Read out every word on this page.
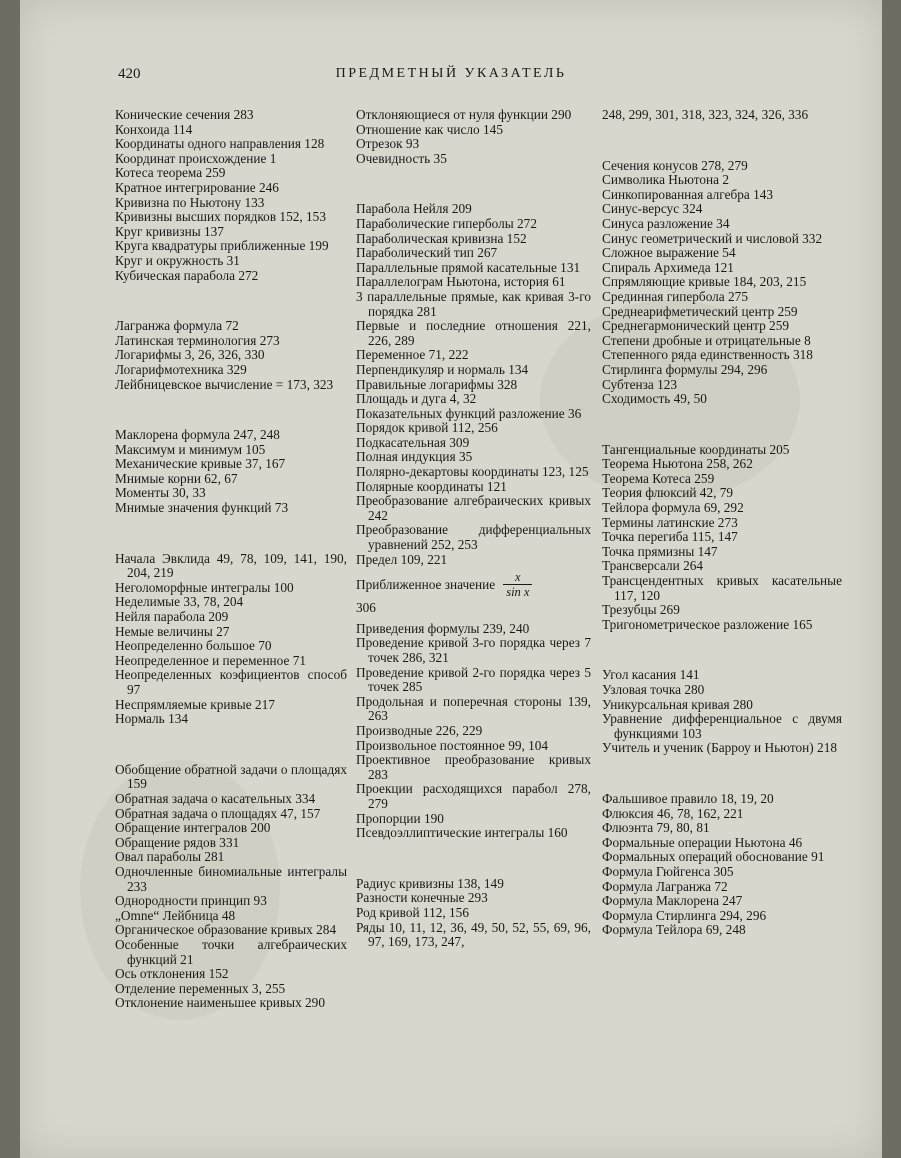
420	ПРЕДМЕТНЫЙ УКАЗАТЕЛЬ
Конические сечения 283
Конхоида 114
Координаты одного направления 128
Координат происхождение 1
Котеса теорема 259
Кратное интегрирование 246
Кривизна по Ньютону 133
Кривизны высших порядков 152, 153
Круг кривизны 137
Круга квадратуры приближенные 199
Круг и окружность 31
Кубическая парабола 272
Лагранжа формула 72
Латинская терминология 273
Логарифмы 3, 26, 326, 330
Логарифмотехника 329
Лейбницевское вычисление = 173, 323
Маклорена формула 247, 248
Максимум и минимум 105
Механические кривые 37, 167
Мнимые корни 62, 67
Моменты 30, 33
Мнимые значения функций 73
Начала Эвклида 49, 78, 109, 141, 190, 204, 219
Неголоморфные интегралы 100
Неделимые 33, 78, 204
Нейля парабола 209
Немые величины 27
Неопределенно большое 70
Неопределенное и переменное 71
Неопределенных коэфициентов способ 97
Неспрямляемые кривые 217
Нормаль 134
Обобщение обратной задачи о площадях 159
Обратная задача о касательных 334
Обратная задача о площадях 47, 157
Обращение интегралов 200
Обращение рядов 331
Овал параболы 281
Одночленные биномиальные интегралы 233
Однородности принцип 93
„Omne“ Лейбница 48
Органическое образование кривых 284
Особенные точки алгебраических функций 21
Ось отклонения 152
Отделение переменных 3, 255
Отклонение наименьшее кривых 290
Отклоняющиеся от нуля функции 290
Отношение как число 145
Отрезок 93
Очевидность 35
Парабола Нейля 209
Параболические гиперболы 272
Параболическая кривизна 152
Параболический тип 267
Параллельные прямой касательные 131
Параллелограм Ньютона, история 61
3 параллельные прямые, как кривая 3-го порядка 281
Первые и последние отношения 221, 226, 289
Переменное 71, 222
Перпендикуляр и нормаль 134
Правильные логарифмы 328
Площадь и дуга 4, 32
Показательных функций разложение 36
Порядок кривой 112, 256
Подкасательная 309
Полная индукция 35
Полярно-декартовы координаты 123, 125
Полярные координаты 121
Преобразование алгебраических кривых 242
Преобразование дифференциальных уравнений 252, 253
Предел 109, 221
Приближенное значение $\frac{x}{\text{sin x}}$
306
Приведения формулы 239, 240
Проведение кривой 3-го порядка через 7 точек 286, 321
Проведение кривой 2-го порядка через 5 точек 285
Продольная и поперечная стороны 139, 263
Производные 226, 229
Произвольное постоянное 99, 104
Проективное преобразование кривых 283
Проекции расходящихся парабол 278, 279
Пропорции 190
Псевдоэллиптические интегралы 160
Радиус кривизны 138, 149
Разности конечные 293
Род кривой 112, 156
Ряды 10, 11, 12, 36, 49, 50, 52, 55, 69, 96, 97, 169, 173, 247,
248, 299, 301, 318, 323, 324, 326, 336
Сечения конусов 278, 279
Символика Ньютона 2
Синкопированная алгебра 143
Синус-версус 324
Синуса разложение 34
Синус геометрический и числовой 332
Сложное выражение 54
Спираль Архимеда 121
Спрямляющие кривые 184, 203, 215
Срединная гипербола 275
Среднеарифметический центр 259
Среднегармонический центр 259
Степени дробные и отрицательные 8
Степенного ряда единственность 318
Стирлинга формулы 294, 296
Субтенза 123
Сходимость 49, 50
Тангенциальные координаты 205
Теорема Ньютона 258, 262
Теорема Котеса 259
Теория флюксий 42, 79
Тейлора формула 69, 292
Термины латинские 273
Точка перегиба 115, 147
Точка прямизны 147
Трансверсали 264
Трансцендентных кривых касательные 117, 120
Трезубцы 269
Тригонометрическое разложение 165
Угол касания 141
Узловая точка 280
Уникурсальная кривая 280
Уравнение дифференциальное с двумя функциями 103
Учитель и ученик (Барроу и Ньютон) 218
Фальшивое правило 18, 19, 20
Флюксия 46, 78, 162, 221
Флюэнта 79, 80, 81
Формальные операции Ньютона 46
Формальных операций обоснование 91
Формула Гюйгенса 305
Формула Лагранжа 72
Формула Маклорена 247
Формула Стирлинга 294, 296
Формула Тейлора 69, 248
